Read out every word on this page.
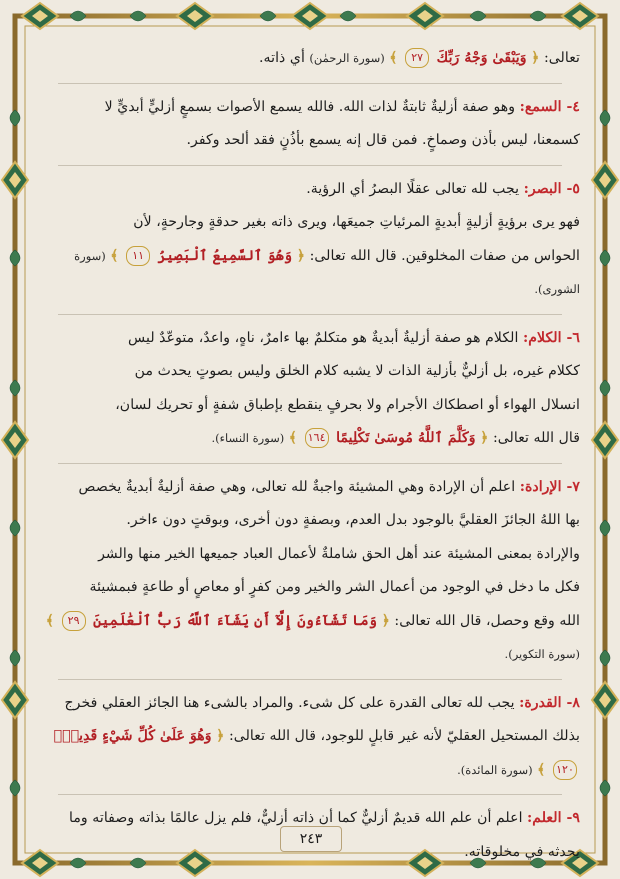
تعالى: ﴿ وَيَبْقَىٰ وَجْهُ رَبِّكَ ٢٧ ﴾ (سورة الرحمٰن) أي ذاته.

٤- السمع: وهو صفة أزليةٌ ثابتةٌ لذات الله. فالله يسمع الأصوات بسمعٍ أزليٍّ أبديٍّ لا

كسمعنا، ليس بأذن وصماخٍ. فمن قال إنه يسمع بأذُنٍ فقد ألحد وكفر.

٥- البصر: يجب لله تعالى عقلًا البصرُ أي الرؤية.

فهو يرى برؤيةٍ أزليةٍ أبديةٍ المرئياتِ جميعَها، ويرى ذاته بغير حدقةٍ وجارحةٍ، لأن

الحواس من صفات المخلوقين. قال الله تعالى: ﴿ وَهُوَ ٱلسَّمِيعُ ٱلْبَصِيرُ ١١ ﴾ (سورة

الشورى).

٦- الكلام: الكلام هو صفة أزليةٌ أبديةٌ هو متكلمٌ بها ءامرٌ، ناهٍ، واعدٌ، متوعّدٌ ليس

ككلام غيره، بل أزليٌّ بأزلية الذات لا يشبه كلام الخلق وليس بصوتٍ يحدث من

انسلال الهواء أو اصطكاك الأجرام ولا بحرفٍ ينقطع بإطباق شفةٍ أو تحريك لسان،

قال الله تعالى: ﴿ وَكَلَّمَ ٱللَّهُ مُوسَىٰ تَكْلِيمًا ١٦٤ ﴾ (سورة النساء).

٧- الإرادة: اعلم أن الإرادة وهي المشيئة واجبةٌ لله تعالى، وهي صفة أزليةٌ أبديةٌ يخصص

بها اللهُ الجائزَ العقليَّ بالوجود بدل العدم، وبصفةٍ دون أخرى، وبوقتٍ دون ءاخر.

والإرادة بمعنى المشيئة عند أهل الحق شاملةٌ لأعمال العباد جميعها الخير منها والشر

فكل ما دخل في الوجود من أعمال الشر والخير ومن كفرٍ أو معاصٍ أو طاعةٍ فبمشيئة

الله وقع وحصل، قال الله تعالى: ﴿ وَمَا تَشَآءُونَ إِلَّآ أَن يَشَآءَ ٱللَّهُ رَبُّ ٱلْعَٰلَمِينَ ٢٩ ﴾

(سورة التكوير).

٨- القدرة: يجب لله تعالى القدرة على كل شىء. والمراد بالشىء هنا الجائز العقلي فخرج

بذلك المستحيل العقليّ لأنه غير قابلٍ للوجود، قال الله تعالى: ﴿ وَهُوَ عَلَىٰ كُلِّ شَيْءٍ قَدِيرٌۢ

١٢٠ ﴾ (سورة المائدة).

٩- العلم: اعلم أن علم الله قديمٌ أزليٌّ كما أن ذاته أزليٌّ، فلم يزل عالمًا بذاته وصفاته وما

يحدثه في مخلوقاته.

٢٤٣
